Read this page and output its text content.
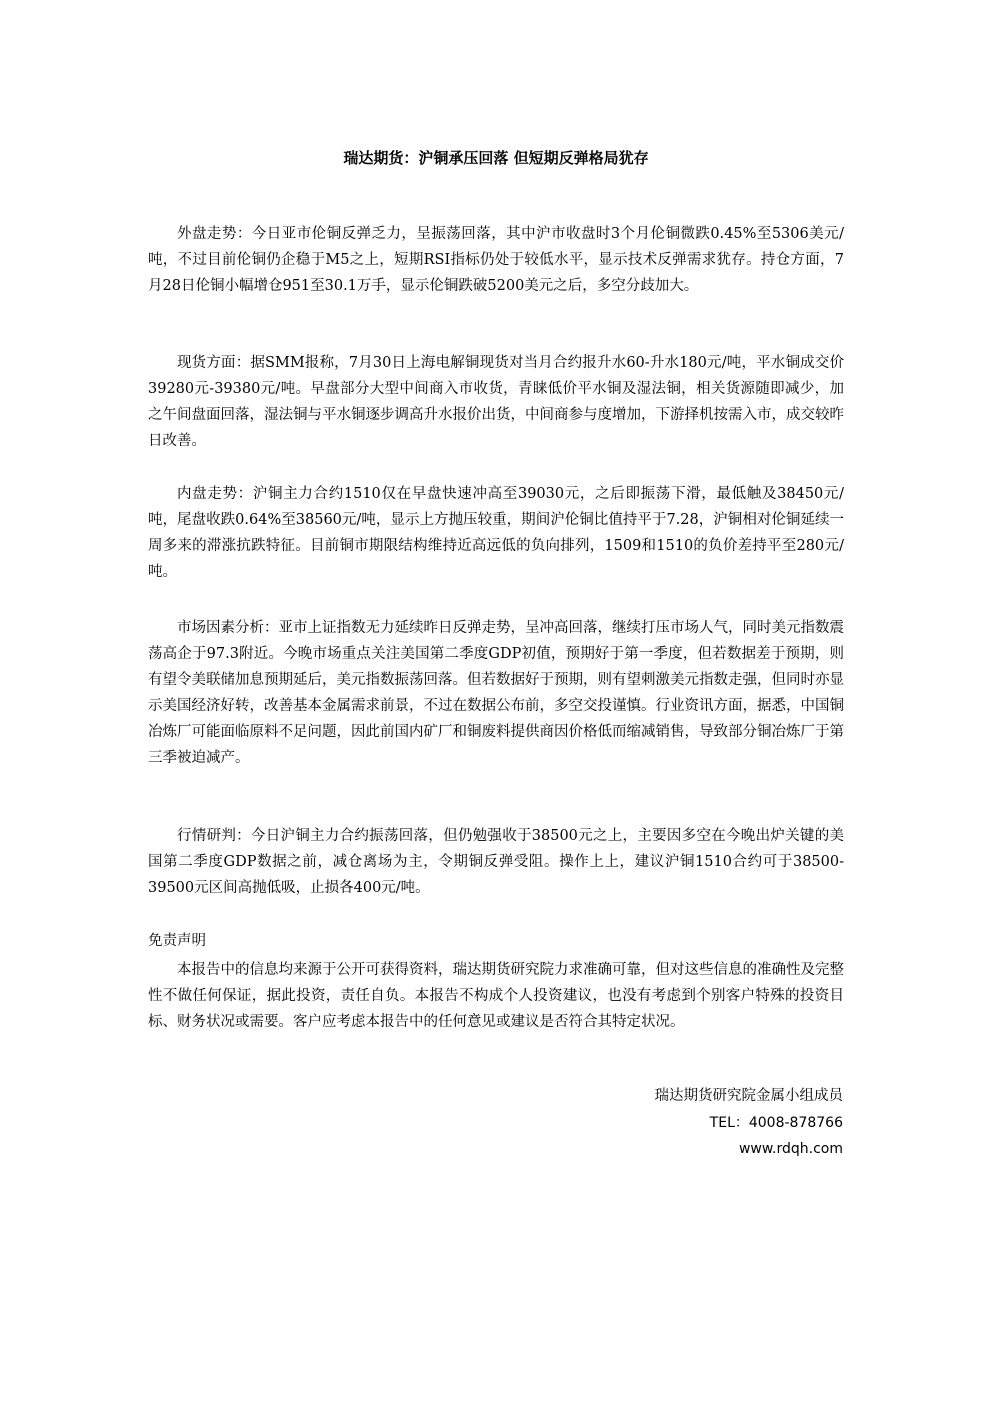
瑞达期货：沪铜承压回落 但短期反弹格局犹存

外盘走势：今日亚市伦铜反弹乏力，呈振荡回落，其中沪市收盘时3个月伦铜微跌0.45%至5306美元/吨，不过目前伦铜仍企稳于M5之上，短期RSI指标仍处于较低水平，显示技术反弹需求犹存。持仓方面，7月28日伦铜小幅增仓951至30.1万手，显示伦铜跌破5200美元之后，多空分歧加大。

现货方面：据SMM报称，7月30日上海电解铜现货对当月合约报升水60-升水180元/吨，平水铜成交价39280元-39380元/吨。早盘部分大型中间商入市收货，青睐低价平水铜及湿法铜，相关货源随即减少，加之午间盘面回落，湿法铜与平水铜逐步调高升水报价出货，中间商参与度增加，下游择机按需入市，成交较昨日改善。

内盘走势：沪铜主力合约1510仅在早盘快速冲高至39030元，之后即振荡下滑，最低触及38450元/吨，尾盘收跌0.64%至38560元/吨，显示上方抛压较重，期间沪伦铜比值持平于7.28，沪铜相对伦铜延续一周多来的滞涨抗跌特征。目前铜市期限结构维持近高远低的负向排列，1509和1510的负价差持平至280元/吨。

市场因素分析：亚市上证指数无力延续昨日反弹走势，呈冲高回落，继续打压市场人气，同时美元指数震荡高企于97.3附近。今晚市场重点关注美国第二季度GDP初值，预期好于第一季度，但若数据差于预期，则有望令美联储加息预期延后，美元指数振荡回落。但若数据好于预期，则有望刺激美元指数走强，但同时亦显示美国经济好转，改善基本金属需求前景，不过在数据公布前，多空交投谨慎。行业资讯方面，据悉，中国铜冶炼厂可能面临原料不足问题，因此前国内矿厂和铜废料提供商因价格低而缩减销售，导致部分铜冶炼厂于第三季被迫减产。

行情研判：今日沪铜主力合约振荡回落，但仍勉强收于38500元之上，主要因多空在今晚出炉关键的美国第二季度GDP数据之前，减仓离场为主，令期铜反弹受阻。操作上上，建议沪铜1510合约可于38500-39500元区间高抛低吸，止损各400元/吨。

免责声明

本报告中的信息均来源于公开可获得资料，瑞达期货研究院力求准确可靠，但对这些信息的准确性及完整性不做任何保证，据此投资，责任自负。本报告不构成个人投资建议，也没有考虑到个别客户特殊的投资目标、财务状况或需要。客户应考虑本报告中的任何意见或建议是否符合其特定状况。

瑞达期货研究院金属小组成员
TEL：4008-878766
www.rdqh.com
